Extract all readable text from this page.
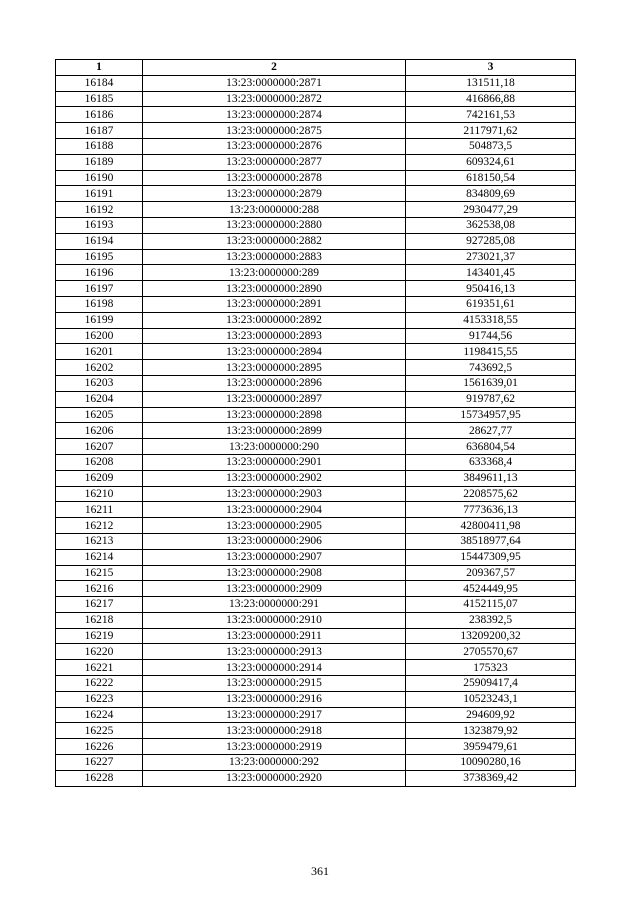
1	2	3
16184	13:23:0000000:2871	131511,18
16185	13:23:0000000:2872	416866,88
16186	13:23:0000000:2874	742161,53
16187	13:23:0000000:2875	2117971,62
16188	13:23:0000000:2876	504873,5
16189	13:23:0000000:2877	609324,61
16190	13:23:0000000:2878	618150,54
16191	13:23:0000000:2879	834809,69
16192	13:23:0000000:288	2930477,29
16193	13:23:0000000:2880	362538,08
16194	13:23:0000000:2882	927285,08
16195	13:23:0000000:2883	273021,37
16196	13:23:0000000:289	143401,45
16197	13:23:0000000:2890	950416,13
16198	13:23:0000000:2891	619351,61
16199	13:23:0000000:2892	4153318,55
16200	13:23:0000000:2893	91744,56
16201	13:23:0000000:2894	1198415,55
16202	13:23:0000000:2895	743692,5
16203	13:23:0000000:2896	1561639,01
16204	13:23:0000000:2897	919787,62
16205	13:23:0000000:2898	15734957,95
16206	13:23:0000000:2899	28627,77
16207	13:23:0000000:290	636804,54
16208	13:23:0000000:2901	633368,4
16209	13:23:0000000:2902	3849611,13
16210	13:23:0000000:2903	2208575,62
16211	13:23:0000000:2904	7773636,13
16212	13:23:0000000:2905	42800411,98
16213	13:23:0000000:2906	38518977,64
16214	13:23:0000000:2907	15447309,95
16215	13:23:0000000:2908	209367,57
16216	13:23:0000000:2909	4524449,95
16217	13:23:0000000:291	4152115,07
16218	13:23:0000000:2910	238392,5
16219	13:23:0000000:2911	13209200,32
16220	13:23:0000000:2913	2705570,67
16221	13:23:0000000:2914	175323
16222	13:23:0000000:2915	25909417,4
16223	13:23:0000000:2916	10523243,1
16224	13:23:0000000:2917	294609,92
16225	13:23:0000000:2918	1323879,92
16226	13:23:0000000:2919	3959479,61
16227	13:23:0000000:292	10090280,16
16228	13:23:0000000:2920	3738369,42
361
